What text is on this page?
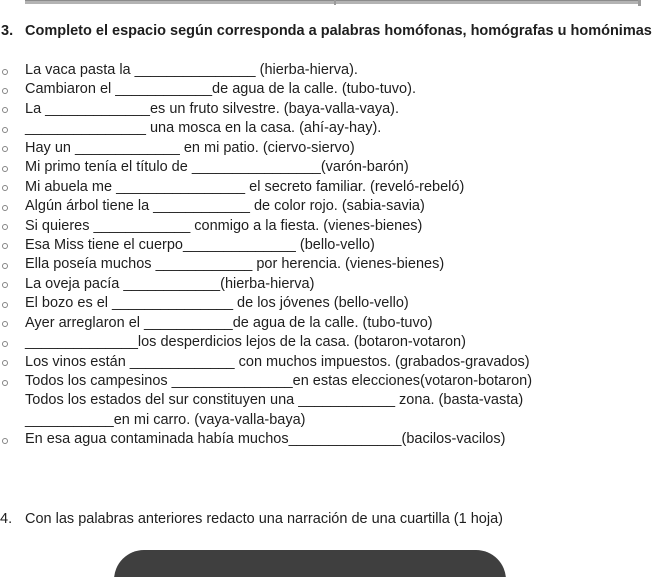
3. Completo el espacio según corresponda a palabras homófonas, homógrafas u homónimas
La vaca pasta la _______________ (hierba-hierva).
Cambiaron el ____________de agua de la calle. (tubo-tuvo).
La _____________es un fruto silvestre. (baya-valla-vaya).
_______________ una mosca en la casa. (ahí-ay-hay).
Hay un _____________ en mi patio. (ciervo-siervo)
Mi primo tenía el título de ________________(varón-barón)
Mi abuela me ________________ el secreto familiar. (reveló-rebeló)
Algún árbol tiene la ____________ de color rojo. (sabia-savia)
Si quieres ____________ conmigo a la fiesta. (vienes-bienes)
Esa Miss tiene el cuerpo______________ (bello-vello)
Ella poseía muchos ____________ por herencia. (vienes-bienes)
La oveja pacía ____________(hierba-hierva)
El bozo es el _______________ de los jóvenes (bello-vello)
Ayer arreglaron el ___________de agua de la calle. (tubo-tuvo)
______________los desperdicios lejos de la casa. (botaron-votaron)
Los vinos están _____________ con muchos impuestos. (grabados-gravados)
Todos los campesinos _______________en estas elecciones(votaron-botaron)
Todos los estados del sur constituyen una ____________ zona. (basta-vasta)
___________en mi carro. (vaya-valla-baya)
En esa agua contaminada había muchos______________(bacilos-vacilos)
4. Con las palabras anteriores redacto una narración de una cuartilla (1 hoja)
